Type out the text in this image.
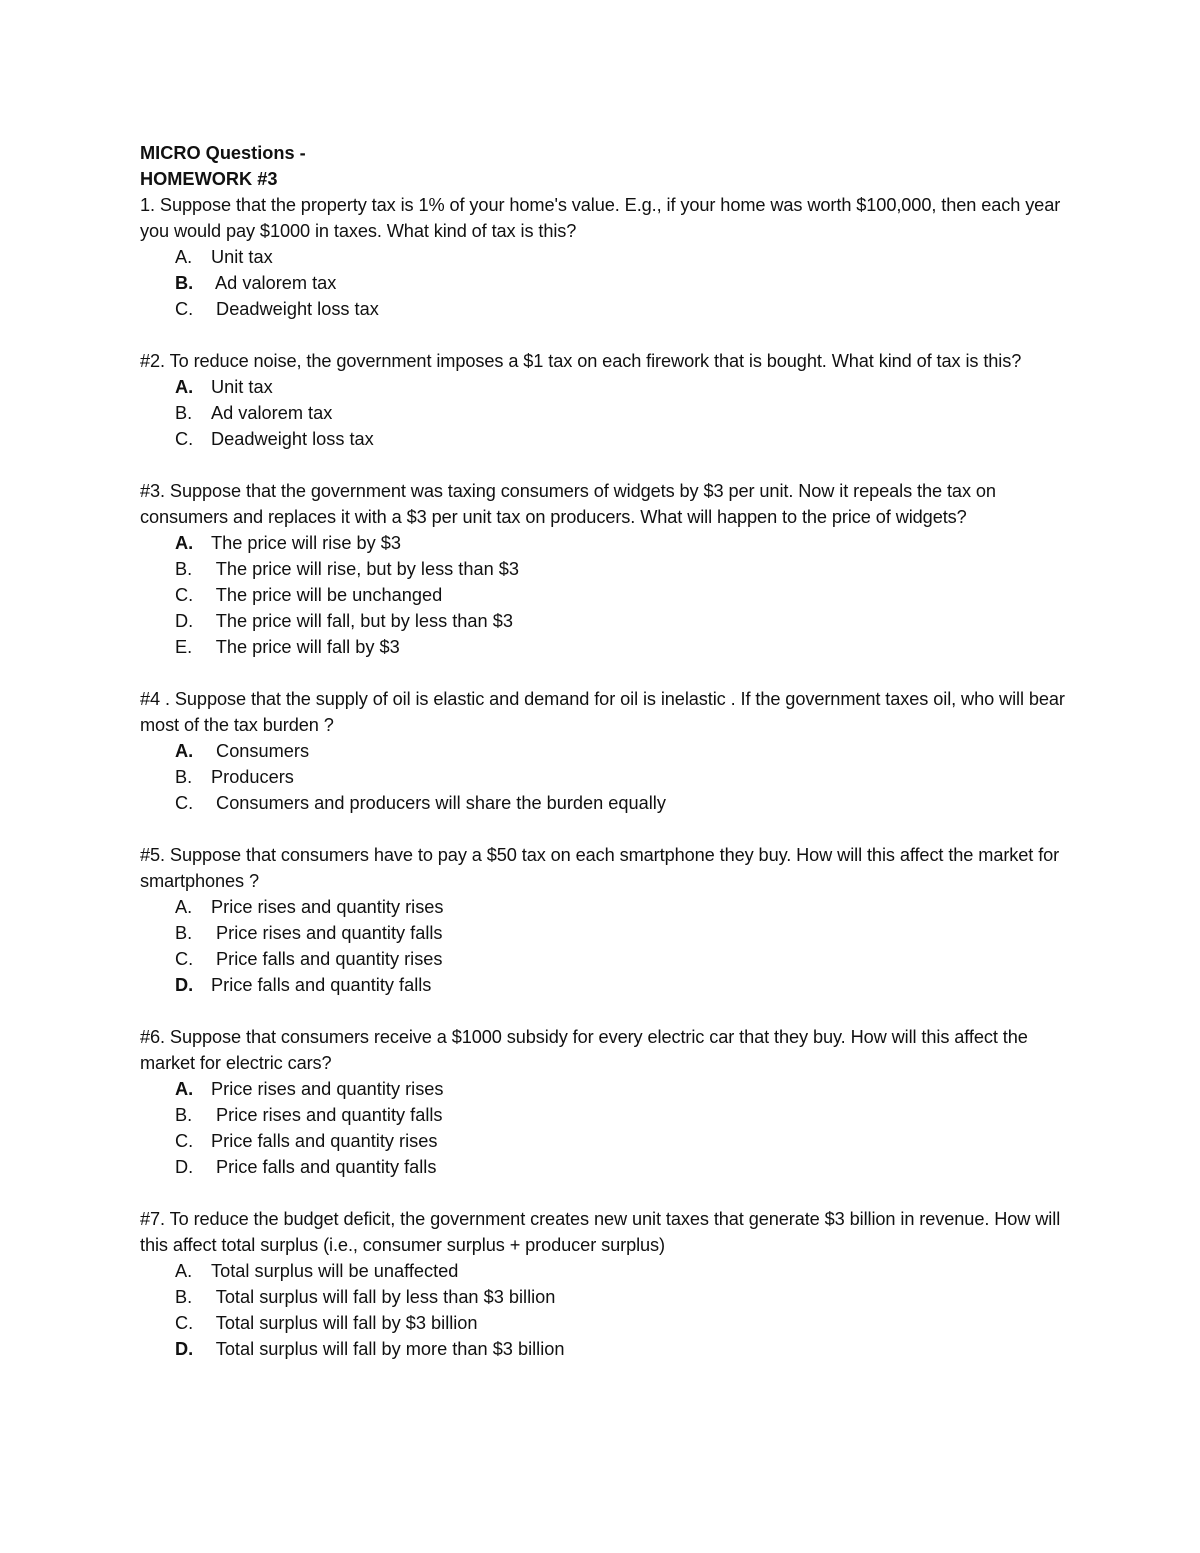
MICRO Questions -

HOMEWORK #3

1. Suppose that the property tax is 1% of your home's value. E.g., if your home was worth $100,000, then each year you would pay $1000 in taxes. What kind of tax is this?

A.	Unit tax
B. Ad valorem tax
C. Deadweight loss tax

#2. To reduce noise, the government imposes a $1 tax on each firework that is bought. What kind of tax is this?

A. Unit tax
B.	Ad valorem tax
C. Deadweight loss tax

#3. Suppose that the government was taxing consumers of widgets by $3 per unit. Now it repeals the tax on consumers and replaces it with a $3 per unit tax on producers. What will happen to the price of widgets?

A. The price will rise by $3
B.	The price will rise, but by less than $3
C. The price will be unchanged
D. The price will fall, but by less than $3
E.	The price will fall by $3

#4 . Suppose that the supply of oil is elastic and demand for oil is inelastic . If the government taxes oil, who will bear most of the tax burden ?

A. Consumers
B.	Producers
C. Consumers and producers will share the burden equally

#5. Suppose that consumers have to pay a $50 tax on each smartphone they buy. How will this affect the market for smartphones ?

A.	Price rises and quantity rises
B.	Price rises and quantity falls
C. Price falls and quantity rises
D. Price falls and quantity falls

#6. Suppose that consumers receive a $1000 subsidy for every electric car that they buy. How will this affect the market for electric cars?

A. Price rises and quantity rises
B.	Price rises and quantity falls
C. Price falls and quantity rises
D. Price falls and quantity falls

#7. To reduce the budget deficit, the government creates new unit taxes that generate $3 billion in revenue. How will this affect total surplus (i.e., consumer surplus + producer surplus)

A.	Total surplus will be unaffected
B.	Total surplus will fall by less than $3 billion
C. Total surplus will fall by $3 billion
D. Total surplus will fall by more than $3 billion
